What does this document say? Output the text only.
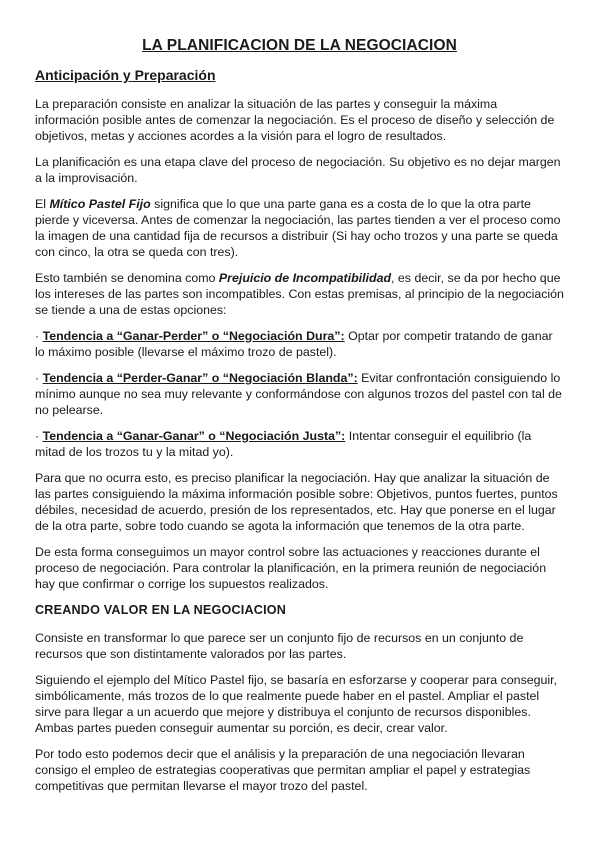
LA PLANIFICACION DE LA NEGOCIACION
Anticipación y Preparación

La preparación consiste en analizar la situación de las partes y conseguir la máxima información posible antes de comenzar la negociación. Es el proceso de diseño y selección de objetivos, metas y acciones acordes a la visión para el logro de resultados.

La planificación es una etapa clave del proceso de negociación. Su objetivo es no dejar margen a la improvisación.

El Mítico Pastel Fijo significa que lo que una parte gana es a costa de lo que la otra parte pierde y viceversa. Antes de comenzar la negociación, las partes tienden a ver el proceso como la imagen de una cantidad fija de recursos a distribuir (Si hay ocho trozos y una parte se queda con cinco, la otra se queda con tres).

Esto también se denomina como Prejuicio de Incompatibilidad, es decir, se da por hecho que los intereses de las partes son incompatibles. Con estas premisas, al principio de la negociación se tiende a una de estas opciones:

· Tendencia a “Ganar-Perder” o “Negociación Dura”: Optar por competir tratando de ganar lo máximo posible (llevarse el máximo trozo de pastel).

· Tendencia a “Perder-Ganar” o “Negociación Blanda”: Evitar confrontación consiguiendo lo mínimo aunque no sea muy relevante y conformándose con algunos trozos del pastel con tal de no pelearse.

· Tendencia a “Ganar-Ganar” o “Negociación Justa”: Intentar conseguir el equilibrio (la mitad de los trozos tu y la mitad yo).

Para que no ocurra esto, es preciso planificar la negociación. Hay que analizar la situación de las partes consiguiendo la máxima información posible sobre: Objetivos, puntos fuertes, puntos débiles, necesidad de acuerdo, presión de los representados, etc. Hay que ponerse en el lugar de la otra parte, sobre todo cuando se agota la información que tenemos de la otra parte.

De esta forma conseguimos un mayor control sobre las actuaciones y reacciones durante el proceso de negociación. Para controlar la planificación, en la primera reunión de negociación hay que confirmar o corrige los supuestos realizados.

CREANDO VALOR EN LA NEGOCIACION

Consiste en transformar lo que parece ser un conjunto fijo de recursos en un conjunto de recursos que son distintamente valorados por las partes.

Siguiendo el ejemplo del Mítico Pastel fijo, se basaría en esforzarse y cooperar para conseguir, simbólicamente, más trozos de lo que realmente puede haber en el pastel. Ampliar el pastel sirve para llegar a un acuerdo que mejore y distribuya el conjunto de recursos disponibles. Ambas partes pueden conseguir aumentar su porción, es decir, crear valor.

Por todo esto podemos decir que el análisis y la preparación de una negociación llevaran consigo el empleo de estrategias cooperativas que permitan ampliar el papel y estrategias competitivas que permitan llevarse el mayor trozo del pastel.
